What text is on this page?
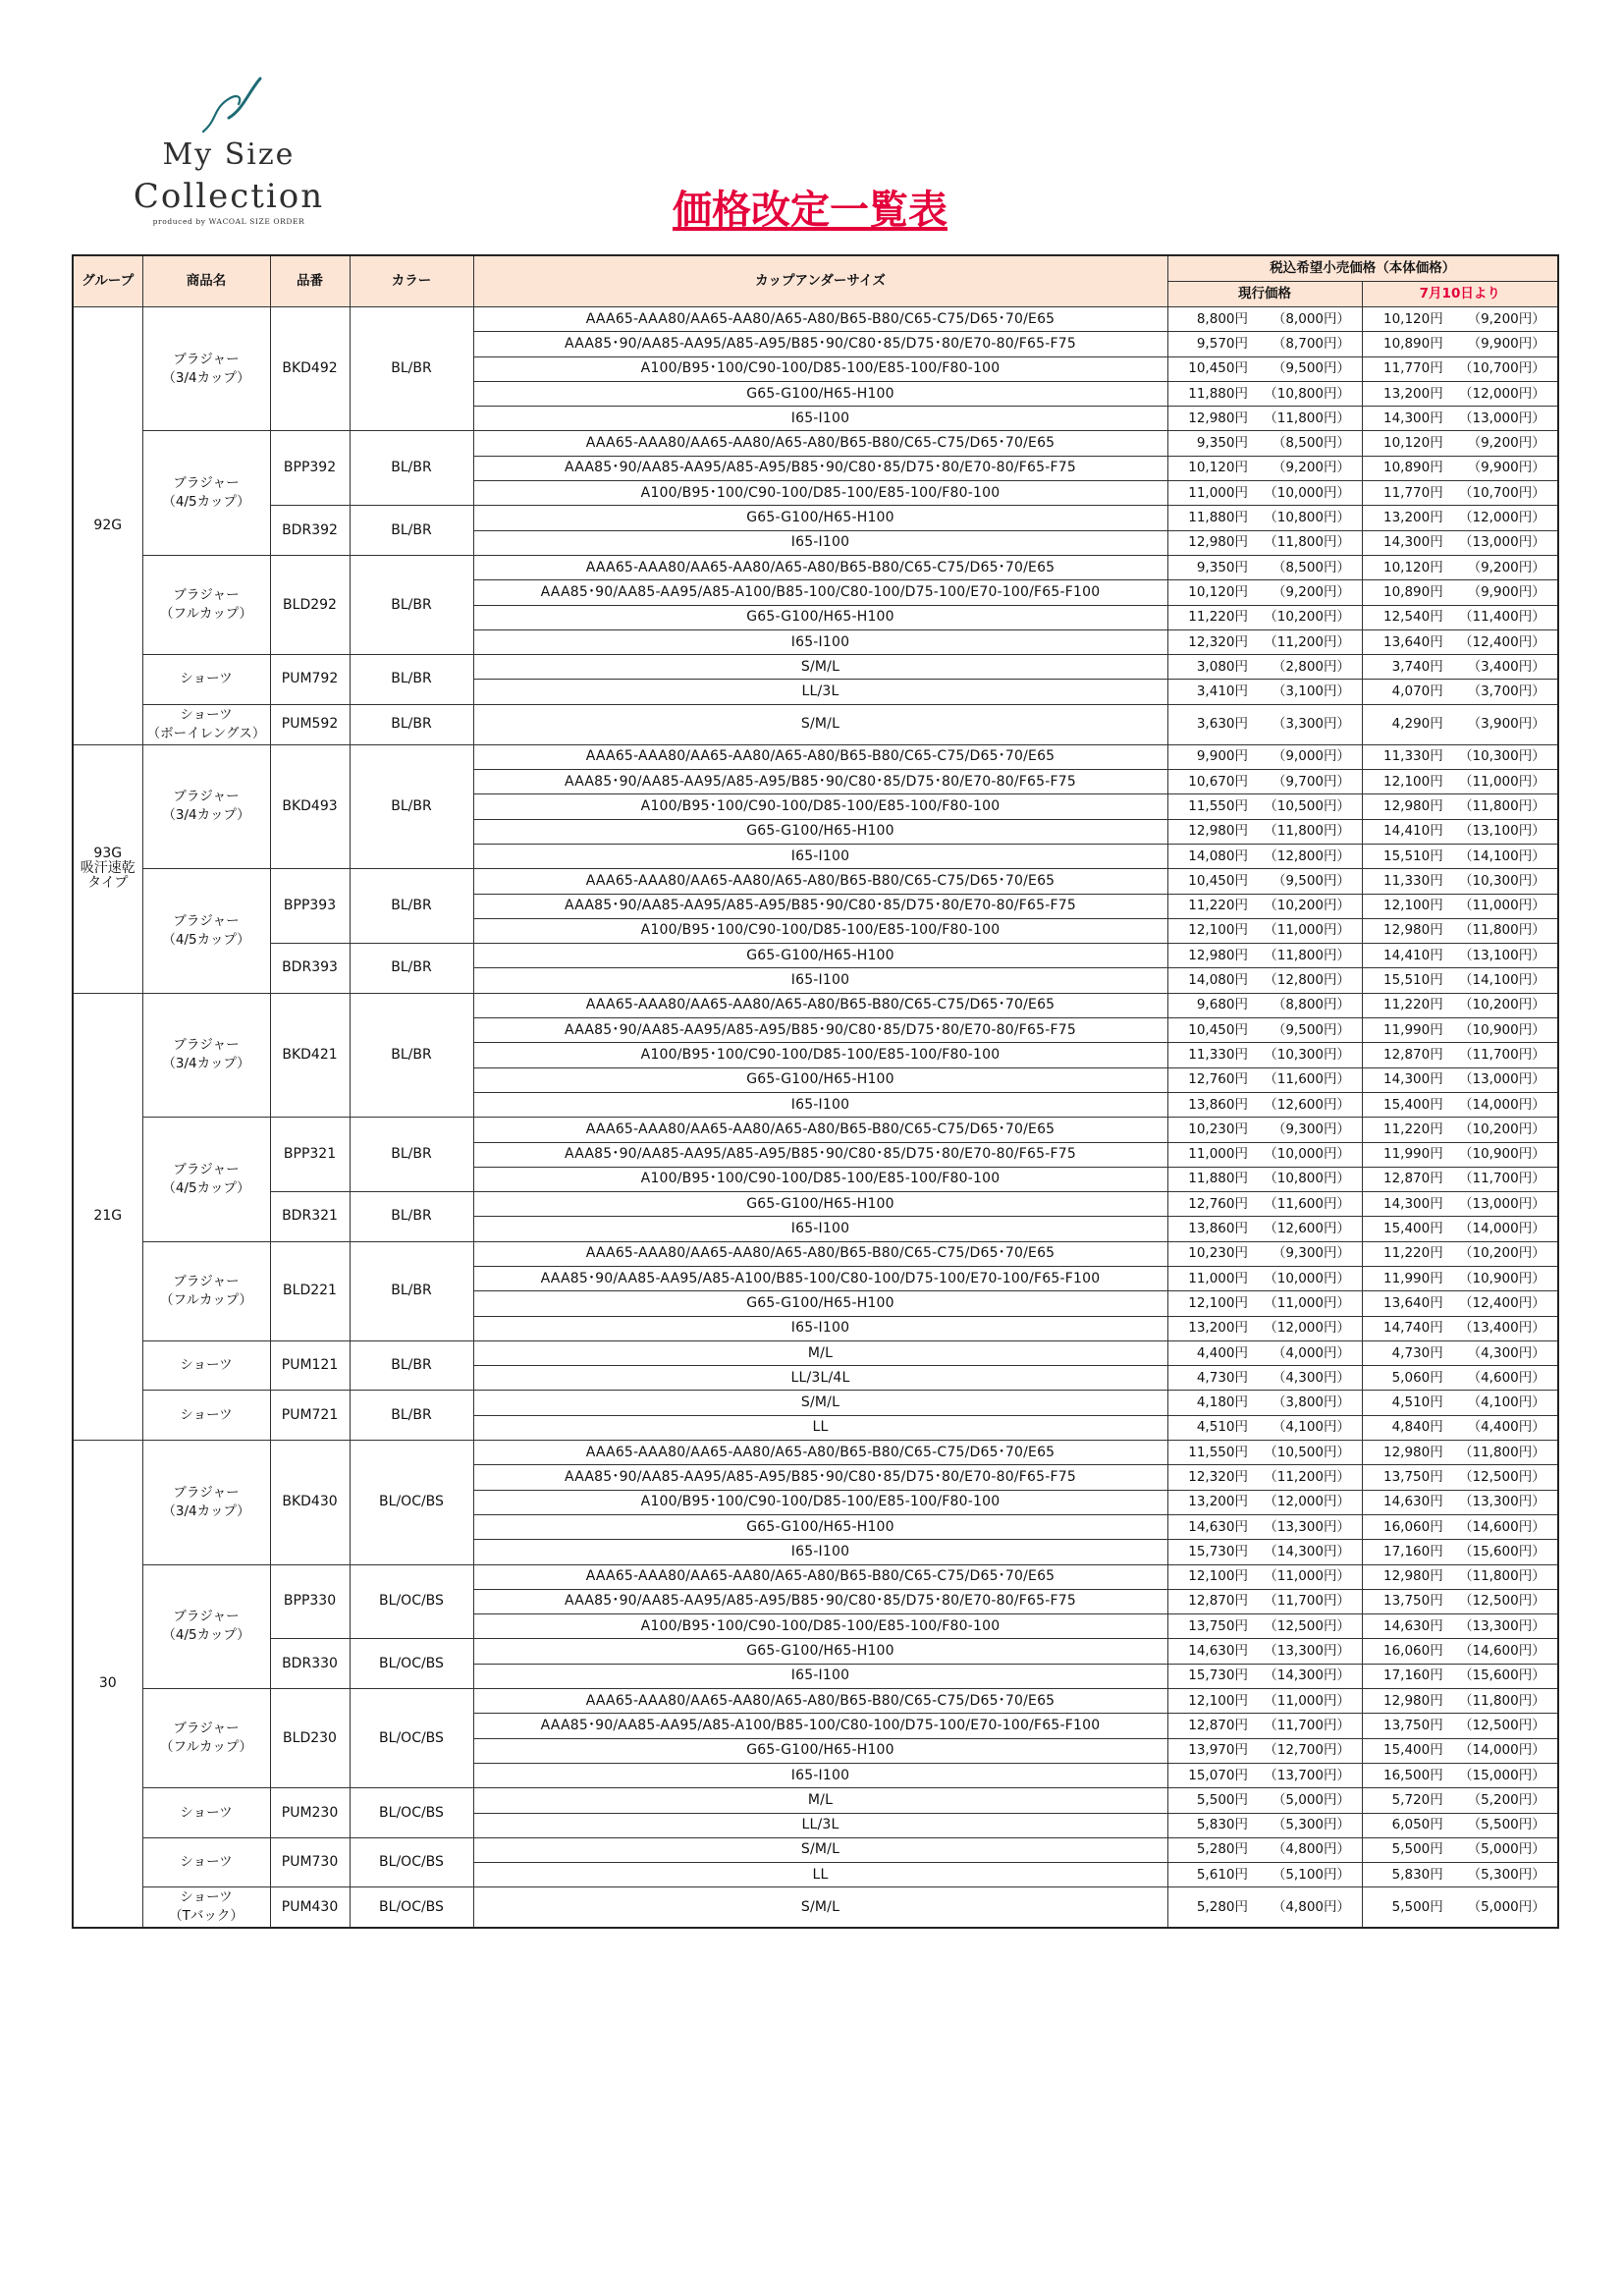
My Size
Collection
produced by WACOAL SIZE ORDER	価格改定一覧表
グループ	商品名	品番	カラー	カップアンダーサイズ	税込希望小売価格（本体価格）	
					現行価格	7月10日より
92G	ブラジャー
（3/4カップ）	BKD492	BL/BR	AAA65-AAA80/AA65-AA80/A65-A80/B65-B80/C65-C75/D65･70/E65	8,800円 （8,000円）	10,120円 （9,200円）
				AAA85･90/AA85-AA95/A85-A95/B85･90/C80･85/D75･80/E70-80/F65-F75	9,570円 （8,700円）	10,890円 （9,900円）
				A100/B95･100/C90-100/D85-100/E85-100/F80-100	10,450円 （9,500円）	11,770円 （10,700円）
				G65-G100/H65-H100	11,880円 （10,800円）	13,200円 （12,000円）
				I65-I100	12,980円 （11,800円）	14,300円 （13,000円）
	ブラジャー
（4/5カップ）	BPP392	BL/BR	AAA65-AAA80/AA65-AA80/A65-A80/B65-B80/C65-C75/D65･70/E65	9,350円 （8,500円）	10,120円 （9,200円）
				AAA85･90/AA85-AA95/A85-A95/B85･90/C80･85/D75･80/E70-80/F65-F75	10,120円 （9,200円）	10,890円 （9,900円）
				A100/B95･100/C90-100/D85-100/E85-100/F80-100	11,000円 （10,000円）	11,770円 （10,700円）
		BDR392	BL/BR	G65-G100/H65-H100	11,880円 （10,800円）	13,200円 （12,000円）
				I65-I100	12,980円 （11,800円）	14,300円 （13,000円）
	ブラジャー
（フルカップ）	BLD292	BL/BR	AAA65-AAA80/AA65-AA80/A65-A80/B65-B80/C65-C75/D65･70/E65	9,350円 （8,500円）	10,120円 （9,200円）
				AAA85･90/AA85-AA95/A85-A100/B85-100/C80-100/D75-100/E70-100/F65-F100	10,120円 （9,200円）	10,890円 （9,900円）
				G65-G100/H65-H100	11,220円 （10,200円）	12,540円 （11,400円）
				I65-I100	12,320円 （11,200円）	13,640円 （12,400円）
	ショーツ	PUM792	BL/BR	S/M/L	3,080円 （2,800円）	3,740円 （3,400円）
				LL/3L	3,410円 （3,100円）	4,070円 （3,700円）
	ショーツ
（ボーイレングス）	PUM592	BL/BR	S/M/L	3,630円 （3,300円）	4,290円 （3,900円）
93G
吸汗速乾
タイプ	ブラジャー
（3/4カップ）	BKD493	BL/BR	AAA65-AAA80/AA65-AA80/A65-A80/B65-B80/C65-C75/D65･70/E65	9,900円 （9,000円）	11,330円 （10,300円）
				AAA85･90/AA85-AA95/A85-A95/B85･90/C80･85/D75･80/E70-80/F65-F75	10,670円 （9,700円）	12,100円 （11,000円）
				A100/B95･100/C90-100/D85-100/E85-100/F80-100	11,550円 （10,500円）	12,980円 （11,800円）
				G65-G100/H65-H100	12,980円 （11,800円）	14,410円 （13,100円）
				I65-I100	14,080円 （12,800円）	15,510円 （14,100円）
	ブラジャー
（4/5カップ）	BPP393	BL/BR	AAA65-AAA80/AA65-AA80/A65-A80/B65-B80/C65-C75/D65･70/E65	10,450円 （9,500円）	11,330円 （10,300円）
				AAA85･90/AA85-AA95/A85-A95/B85･90/C80･85/D75･80/E70-80/F65-F75	11,220円 （10,200円）	12,100円 （11,000円）
				A100/B95･100/C90-100/D85-100/E85-100/F80-100	12,100円 （11,000円）	12,980円 （11,800円）
		BDR393	BL/BR	G65-G100/H65-H100	12,980円 （11,800円）	14,410円 （13,100円）
				I65-I100	14,080円 （12,800円）	15,510円 （14,100円）
21G	ブラジャー
（3/4カップ）	BKD421	BL/BR	AAA65-AAA80/AA65-AA80/A65-A80/B65-B80/C65-C75/D65･70/E65	9,680円 （8,800円）	11,220円 （10,200円）
				AAA85･90/AA85-AA95/A85-A95/B85･90/C80･85/D75･80/E70-80/F65-F75	10,450円 （9,500円）	11,990円 （10,900円）
				A100/B95･100/C90-100/D85-100/E85-100/F80-100	11,330円 （10,300円）	12,870円 （11,700円）
				G65-G100/H65-H100	12,760円 （11,600円）	14,300円 （13,000円）
				I65-I100	13,860円 （12,600円）	15,400円 （14,000円）
	ブラジャー
（4/5カップ）	BPP321	BL/BR	AAA65-AAA80/AA65-AA80/A65-A80/B65-B80/C65-C75/D65･70/E65	10,230円 （9,300円）	11,220円 （10,200円）
				AAA85･90/AA85-AA95/A85-A95/B85･90/C80･85/D75･80/E70-80/F65-F75	11,000円 （10,000円）	11,990円 （10,900円）
				A100/B95･100/C90-100/D85-100/E85-100/F80-100	11,880円 （10,800円）	12,870円 （11,700円）
		BDR321	BL/BR	G65-G100/H65-H100	12,760円 （11,600円）	14,300円 （13,000円）
				I65-I100	13,860円 （12,600円）	15,400円 （14,000円）
	ブラジャー
（フルカップ）	BLD221	BL/BR	AAA65-AAA80/AA65-AA80/A65-A80/B65-B80/C65-C75/D65･70/E65	10,230円 （9,300円）	11,220円 （10,200円）
				AAA85･90/AA85-AA95/A85-A100/B85-100/C80-100/D75-100/E70-100/F65-F100	11,000円 （10,000円）	11,990円 （10,900円）
				G65-G100/H65-H100	12,100円 （11,000円）	13,640円 （12,400円）
				I65-I100	13,200円 （12,000円）	14,740円 （13,400円）
	ショーツ	PUM121	BL/BR	M/L	4,400円 （4,000円）	4,730円 （4,300円）
				LL/3L/4L	4,730円 （4,300円）	5,060円 （4,600円）
	ショーツ	PUM721	BL/BR	S/M/L	4,180円 （3,800円）	4,510円 （4,100円）
				LL	4,510円 （4,100円）	4,840円 （4,400円）
30	ブラジャー
（3/4カップ）	BKD430	BL/OC/BS	AAA65-AAA80/AA65-AA80/A65-A80/B65-B80/C65-C75/D65･70/E65	11,550円 （10,500円）	12,980円 （11,800円）
				AAA85･90/AA85-AA95/A85-A95/B85･90/C80･85/D75･80/E70-80/F65-F75	12,320円 （11,200円）	13,750円 （12,500円）
				A100/B95･100/C90-100/D85-100/E85-100/F80-100	13,200円 （12,000円）	14,630円 （13,300円）
				G65-G100/H65-H100	14,630円 （13,300円）	16,060円 （14,600円）
				I65-I100	15,730円 （14,300円）	17,160円 （15,600円）
	ブラジャー
（4/5カップ）	BPP330	BL/OC/BS	AAA65-AAA80/AA65-AA80/A65-A80/B65-B80/C65-C75/D65･70/E65	12,100円 （11,000円）	12,980円 （11,800円）
				AAA85･90/AA85-AA95/A85-A95/B85･90/C80･85/D75･80/E70-80/F65-F75	12,870円 （11,700円）	13,750円 （12,500円）
				A100/B95･100/C90-100/D85-100/E85-100/F80-100	13,750円 （12,500円）	14,630円 （13,300円）
		BDR330	BL/OC/BS	G65-G100/H65-H100	14,630円 （13,300円）	16,060円 （14,600円）
				I65-I100	15,730円 （14,300円）	17,160円 （15,600円）
	ブラジャー
（フルカップ）	BLD230	BL/OC/BS	AAA65-AAA80/AA65-AA80/A65-A80/B65-B80/C65-C75/D65･70/E65	12,100円 （11,000円）	12,980円 （11,800円）
				AAA85･90/AA85-AA95/A85-A100/B85-100/C80-100/D75-100/E70-100/F65-F100	12,870円 （11,700円）	13,750円 （12,500円）
				G65-G100/H65-H100	13,970円 （12,700円）	15,400円 （14,000円）
				I65-I100	15,070円 （13,700円）	16,500円 （15,000円）
	ショーツ	PUM230	BL/OC/BS	M/L	5,500円 （5,000円）	5,720円 （5,200円）
				LL/3L	5,830円 （5,300円）	6,050円 （5,500円）
	ショーツ	PUM730	BL/OC/BS	S/M/L	5,280円 （4,800円）	5,500円 （5,000円）
				LL	5,610円 （5,100円）	5,830円 （5,300円）
	ショーツ
（Tバック）	PUM430	BL/OC/BS	S/M/L	5,280円 （4,800円）	5,500円 （5,000円）
